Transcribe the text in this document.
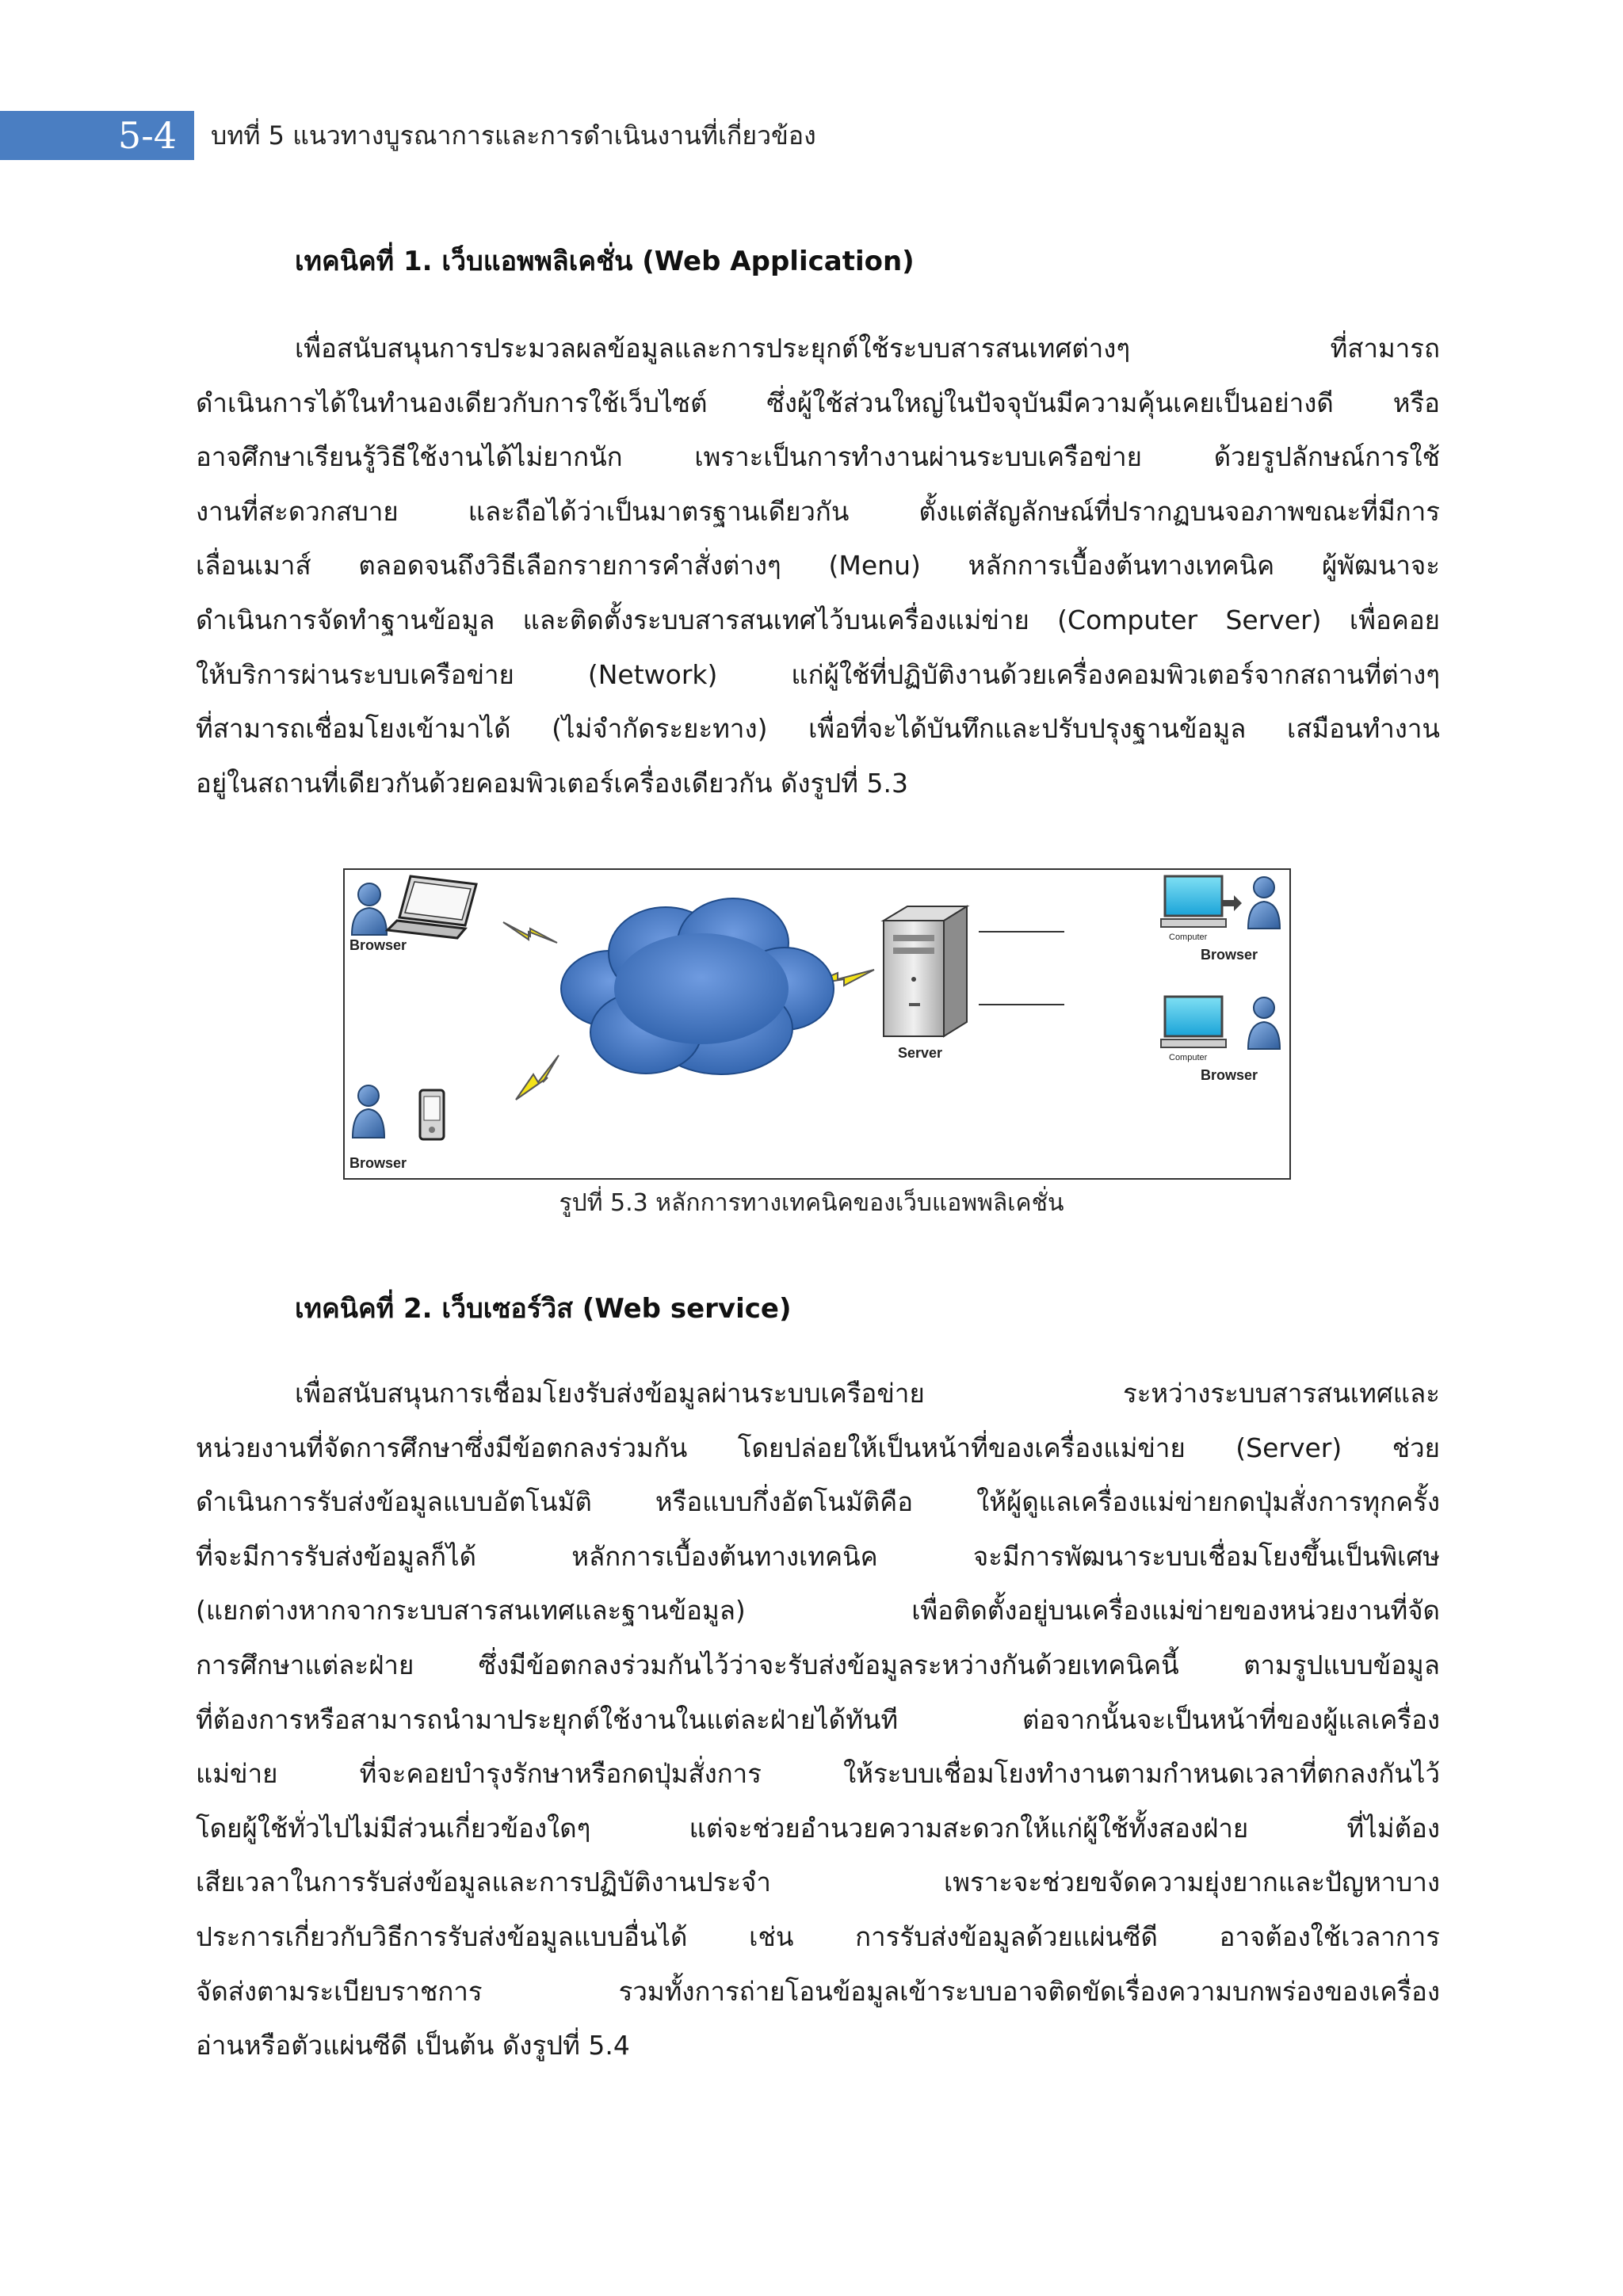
5-4	บทที่ 5 แนวทางบูรณาการและการดำเนินงานที่เกี่ยวข้อง
เทคนิคที่ 1. เว็บแอพพลิเคชั่น (Web Application)
เพื่อสนับสนุนการประมวลผลข้อมูลและการประยุกต์ใช้ระบบสารสนเทศต่างๆ ที่สามารถ
ดำเนินการได้ในทำนองเดียวกับการใช้เว็บไซต์ ซึ่งผู้ใช้ส่วนใหญ่ในปัจจุบันมีความคุ้นเคยเป็นอย่างดี หรือ
อาจศึกษาเรียนรู้วิธีใช้งานได้ไม่ยากนัก เพราะเป็นการทำงานผ่านระบบเครือข่าย ด้วยรูปลักษณ์การใช้
งานที่สะดวกสบาย และถือได้ว่าเป็นมาตรฐานเดียวกัน ตั้งแต่สัญลักษณ์ที่ปรากฏบนจอภาพขณะที่มีการ
เลื่อนเมาส์ ตลอดจนถึงวิธีเลือกรายการคำสั่งต่างๆ (Menu) หลักการเบื้องต้นทางเทคนิค ผู้พัฒนาจะ
ดำเนินการจัดทำฐานข้อมูล และติดตั้งระบบสารสนเทศไว้บนเครื่องแม่ข่าย (Computer Server) เพื่อคอย
ให้บริการผ่านระบบเครือข่าย (Network) แก่ผู้ใช้ที่ปฏิบัติงานด้วยเครื่องคอมพิวเตอร์จากสถานที่ต่างๆ
ที่สามารถเชื่อมโยงเข้ามาได้ (ไม่จำกัดระยะทาง) เพื่อที่จะได้บันทึกและปรับปรุงฐานข้อมูล เสมือนทำงาน
อยู่ในสถานที่เดียวกันด้วยคอมพิวเตอร์เครื่องเดียวกัน ดังรูปที่ 5.3
Browser
Browser
Server
Computer
Browser
Computer
Browser
รูปที่ 5.3 หลักการทางเทคนิคของเว็บแอพพลิเคชั่น
เทคนิคที่ 2. เว็บเซอร์วิส (Web service)
เพื่อสนับสนุนการเชื่อมโยงรับส่งข้อมูลผ่านระบบเครือข่าย ระหว่างระบบสารสนเทศและ
หน่วยงานที่จัดการศึกษาซึ่งมีข้อตกลงร่วมกัน โดยปล่อยให้เป็นหน้าที่ของเครื่องแม่ข่าย (Server) ช่วย
ดำเนินการรับส่งข้อมูลแบบอัตโนมัติ หรือแบบกึ่งอัตโนมัติคือ ให้ผู้ดูแลเครื่องแม่ข่ายกดปุ่มสั่งการทุกครั้ง
ที่จะมีการรับส่งข้อมูลก็ได้ หลักการเบื้องต้นทางเทคนิค จะมีการพัฒนาระบบเชื่อมโยงขึ้นเป็นพิเศษ
(แยกต่างหากจากระบบสารสนเทศและฐานข้อมูล) เพื่อติดตั้งอยู่บนเครื่องแม่ข่ายของหน่วยงานที่จัด
การศึกษาแต่ละฝ่าย ซึ่งมีข้อตกลงร่วมกันไว้ว่าจะรับส่งข้อมูลระหว่างกันด้วยเทคนิคนี้ ตามรูปแบบข้อมูล
ที่ต้องการหรือสามารถนำมาประยุกต์ใช้งานในแต่ละฝ่ายได้ทันที ต่อจากนั้นจะเป็นหน้าที่ของผู้แลเครื่อง
แม่ข่าย ที่จะคอยบำรุงรักษาหรือกดปุ่มสั่งการ ให้ระบบเชื่อมโยงทำงานตามกำหนดเวลาที่ตกลงกันไว้
โดยผู้ใช้ทั่วไปไม่มีส่วนเกี่ยวข้องใดๆ แต่จะช่วยอำนวยความสะดวกให้แก่ผู้ใช้ทั้งสองฝ่าย ที่ไม่ต้อง
เสียเวลาในการรับส่งข้อมูลและการปฏิบัติงานประจำ เพราะจะช่วยขจัดความยุ่งยากและปัญหาบาง
ประการเกี่ยวกับวิธีการรับส่งข้อมูลแบบอื่นได้ เช่น การรับส่งข้อมูลด้วยแผ่นซีดี อาจต้องใช้เวลาการ
จัดส่งตามระเบียบราชการ รวมทั้งการถ่ายโอนข้อมูลเข้าระบบอาจติดขัดเรื่องความบกพร่องของเครื่อง
อ่านหรือตัวแผ่นซีดี เป็นต้น ดังรูปที่ 5.4
